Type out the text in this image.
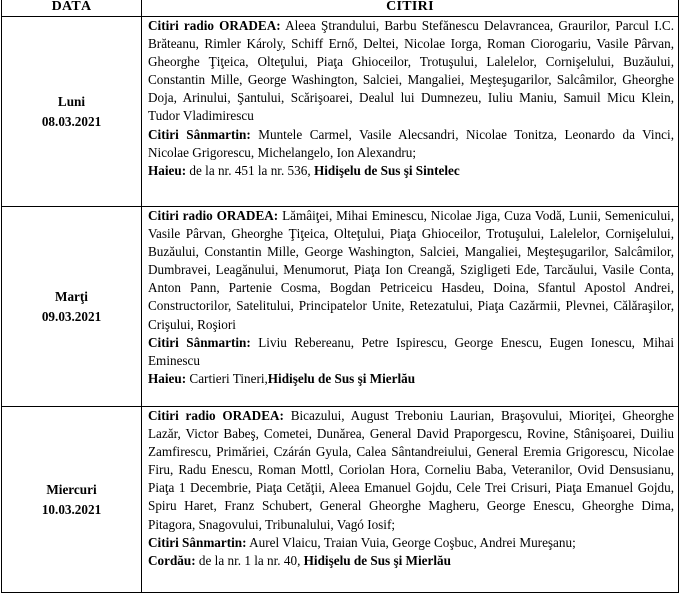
DATĂ	CITIRI

Luni
08.03.2021	Citiri radio ORADEA: Aleea Ştrandului, Barbu Stefănescu Delavrancea, Graurilor, Parcul I.C. Brăteanu, Rimler Károly, Schiff Ernő, Deltei, Nicolae Iorga, Roman Ciorogariu, Vasile Pârvan, Gheorghe Ţiţeica, Olteţului, Piaţa Ghioceilor, Trotuşului, Lalelelor, Cornişelului, Buzăului, Constantin Mille, George Washington, Salciei, Mangaliei, Meşteşugarilor, Salcâmilor, Gheorghe Doja, Arinului, Şantului, Scărişoarei, Dealul lui Dumnezeu, Iuliu Maniu, Samuil Micu Klein, Tudor Vladimirescu
Citiri Sânmartin: Muntele Carmel, Vasile Alecsandri, Nicolae Tonitza, Leonardo da Vinci, Nicolae Grigorescu, Michelangelo, Ion Alexandru;
Haieu: de la nr. 451 la nr. 536, Hidişelu de Sus şi Sintelec

Marţi
09.03.2021	Citiri radio ORADEA: Lămâiţei, Mihai Eminescu, Nicolae Jiga, Cuza Vodă, Lunii, Semenicului, Vasile Pârvan, Gheorghe Ţiţeica, Olteţului, Piaţa Ghioceilor, Trotuşului, Lalelelor, Cornişelului, Buzăului, Constantin Mille, George Washington, Salciei, Mangaliei, Meşteşugarilor, Salcâmilor, Dumbravei, Leagănului, Menumorut, Piaţa Ion Creangă, Szigligeti Ede, Tarcăului, Vasile Conta, Anton Pann, Partenie Cosma, Bogdan Petriceicu Hasdeu, Doina, Sfantul Apostol Andrei, Constructorilor, Satelitului, Principatelor Unite, Retezatului, Piaţa Cazărmii, Plevnei, Călăraşilor, Crişului, Roşiori
Citiri Sânmartin: Liviu Rebereanu, Petre Ispirescu, George Enescu, Eugen Ionescu, Mihai Eminescu
Haieu: Cartieri Tineri,Hidişelu de Sus şi Mierlău

Miercuri
10.03.2021	Citiri radio ORADEA: Bicazului, August Treboniu Laurian, Braşovului, Mioriţei, Gheorghe Lazăr, Victor Babeş, Cometei, Dunărea, General David Praporgescu, Rovine, Stânişoarei, Duiliu Zamfirescu, Primăriei, Czárán Gyula, Calea Sântandreiului, General Eremia Grigorescu, Nicolae Firu, Radu Enescu, Roman Mottl, Coriolan Hora, Corneliu Baba, Veteranilor, Ovid Densusianu, Piaţa 1 Decembrie, Piaţa Cetăţii, Aleea Emanuel Gojdu, Cele Trei Crisuri, Piaţa Emanuel Gojdu, Spiru Haret, Franz Schubert, General Gheorghe Magheru, George Enescu, Gheorghe Dima, Pitagora, Snagovului, Tribunalului, Vagó Iosif;
Citiri Sânmartin: Aurel Vlaicu, Traian Vuia, George Coşbuc, Andrei Mureşanu;
Cordău: de la nr. 1 la nr. 40, Hidişelu de Sus şi Mierlău
